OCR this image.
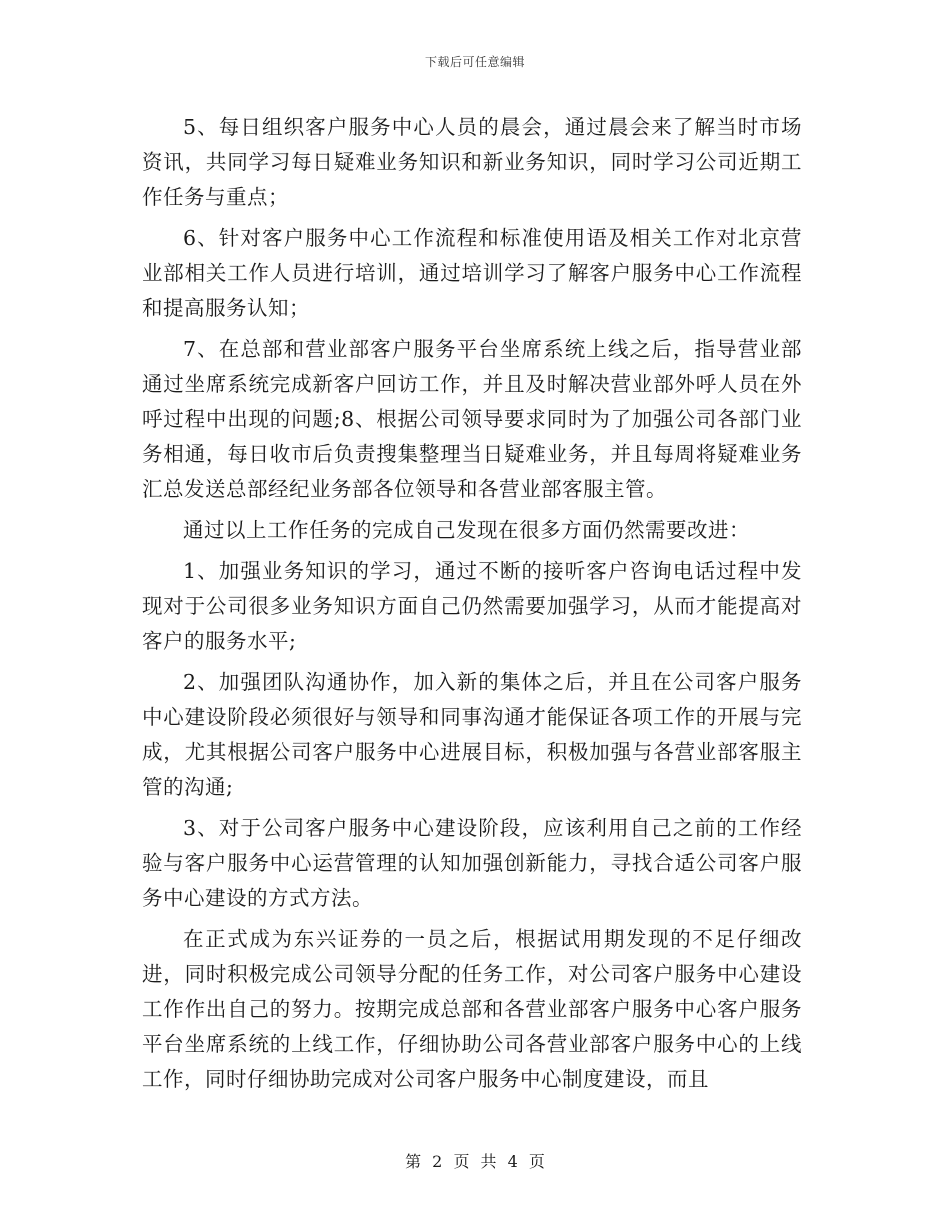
下载后可任意编辑

5、每日组织客户服务中心人员的晨会，通过晨会来了解当时市场资讯，共同学习每日疑难业务知识和新业务知识，同时学习公司近期工作任务与重点；

6、针对客户服务中心工作流程和标准使用语及相关工作对北京营业部相关工作人员进行培训，通过培训学习了解客户服务中心工作流程和提高服务认知；

7、在总部和营业部客户服务平台坐席系统上线之后，指导营业部通过坐席系统完成新客户回访工作，并且及时解决营业部外呼人员在外呼过程中出现的问题;8、根据公司领导要求同时为了加强公司各部门业务相通，每日收市后负责搜集整理当日疑难业务，并且每周将疑难业务汇总发送总部经纪业务部各位领导和各营业部客服主管。

通过以上工作任务的完成自己发现在很多方面仍然需要改进：

1、加强业务知识的学习，通过不断的接听客户咨询电话过程中发现对于公司很多业务知识方面自己仍然需要加强学习，从而才能提高对客户的服务水平;

2、加强团队沟通协作，加入新的集体之后，并且在公司客户服务中心建设阶段必须很好与领导和同事沟通才能保证各项工作的开展与完成，尤其根据公司客户服务中心进展目标，积极加强与各营业部客服主管的沟通;

3、对于公司客户服务中心建设阶段，应该利用自己之前的工作经验与客户服务中心运营管理的认知加强创新能力，寻找合适公司客户服务中心建设的方式方法。

在正式成为东兴证券的一员之后，根据试用期发现的不足仔细改进，同时积极完成公司领导分配的任务工作，对公司客户服务中心建设工作作出自己的努力。按期完成总部和各营业部客户服务中心客户服务平台坐席系统的上线工作，仔细协助公司各营业部客户服务中心的上线工作，同时仔细协助完成对公司客户服务中心制度建设，而且

第 2 页 共 4 页
